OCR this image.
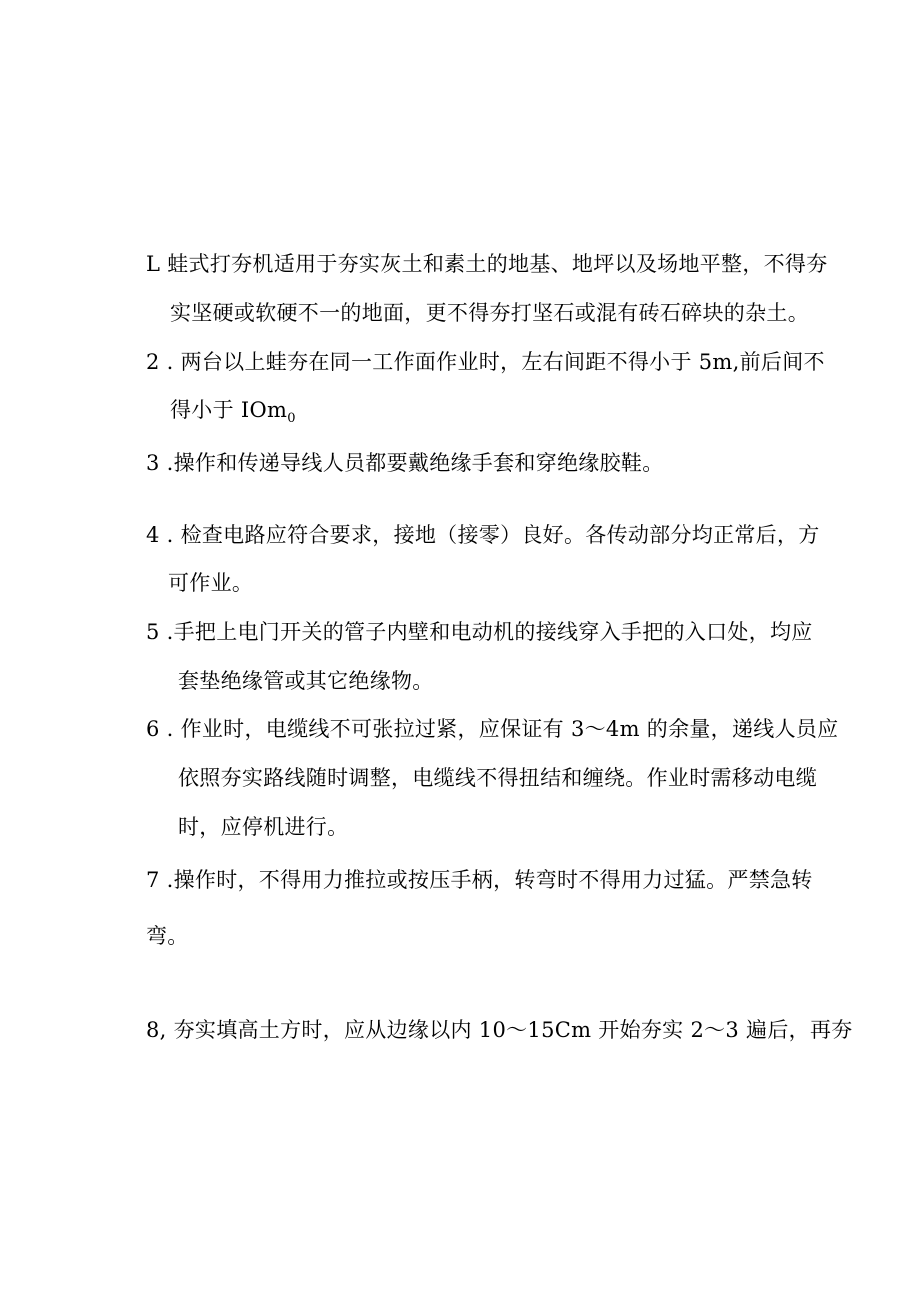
L 蛙式打夯机适用于夯实灰土和素土的地基、地坪以及场地平整，不得夯
实坚硬或软硬不一的地面，更不得夯打坚石或混有砖石碎块的杂土。
2 . 两台以上蛙夯在同一工作面作业时，左右间距不得小于 5m,前后间不
得小于 IOm$_0$
3 .操作和传递导线人员都要戴绝缘手套和穿绝缘胶鞋。
4 . 检查电路应符合要求，接地（接零）良好。各传动部分均正常后，方
可作业。
5 .手把上电门开关的管子内壁和电动机的接线穿入手把的入口处，均应
套垫绝缘管或其它绝缘物。
6 . 作业时，电缆线不可张拉过紧，应保证有 3～4m 的余量，递线人员应
依照夯实路线随时调整，电缆线不得扭结和缠绕。作业时需移动电缆
时，应停机进行。
7 .操作时，不得用力推拉或按压手柄，转弯时不得用力过猛。严禁急转
弯。
8, 夯实填高土方时，应从边缘以内 10～15Cm 开始夯实 2～3 遍后，再夯
